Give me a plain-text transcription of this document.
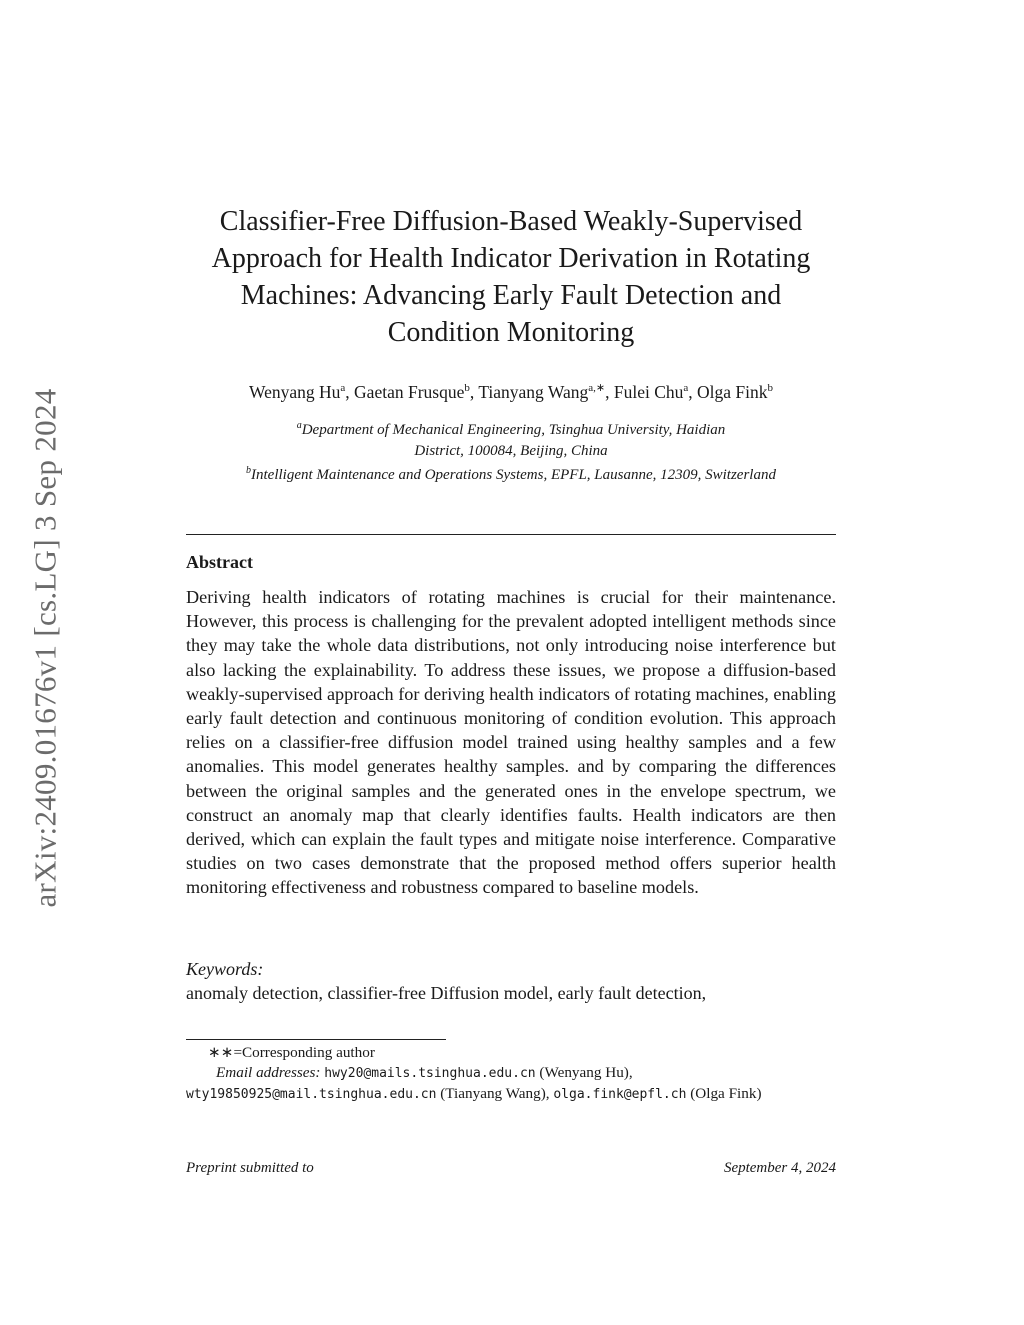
arXiv:2409.01676v1 [cs.LG] 3 Sep 2024
Classifier-Free Diffusion-Based Weakly-Supervised
Approach for Health Indicator Derivation in Rotating
Machines: Advancing Early Fault Detection and
Condition Monitoring
Wenyang Hu$^a$, Gaetan Frusque$^b$, Tianyang Wang$^{a,∗}$, Fulei Chu$^a$, Olga Fink$^b$
$^a$Department of Mechanical Engineering, Tsinghua University, Haidian
District, 100084, Beijing, China
$^b$Intelligent Maintenance and Operations Systems, EPFL, Lausanne, 12309, Switzerland
Abstract

Deriving health indicators of rotating machines is crucial for their maintenance. However, this process is challenging for the prevalent adopted intelligent methods since they may take the whole data distributions, not only introducing noise interference but also lacking the explainability. To address these issues, we propose a diffusion-based weakly-supervised approach for deriving health indicators of rotating machines, enabling early fault detection and continuous monitoring of condition evolution. This approach relies on a classifier-free diffusion model trained using healthy samples and a few anomalies. This model generates healthy samples. and by comparing the differences between the original samples and the generated ones in the envelope spectrum, we construct an anomaly map that clearly identifies faults. Health indicators are then derived, which can explain the fault types and mitigate noise interference. Comparative studies on two cases demonstrate that the proposed method offers superior health monitoring effectiveness and robustness compared to baseline models.

Keywords:
anomaly detection, classifier-free Diffusion model, early fault detection,
∗∗=Corresponding author
Email addresses: hwy20@mails.tsinghua.edu.cn (Wenyang Hu),
wty19850925@mail.tsinghua.edu.cn (Tianyang Wang), olga.fink@epfl.ch (Olga Fink)
Preprint submitted to	September 4, 2024
